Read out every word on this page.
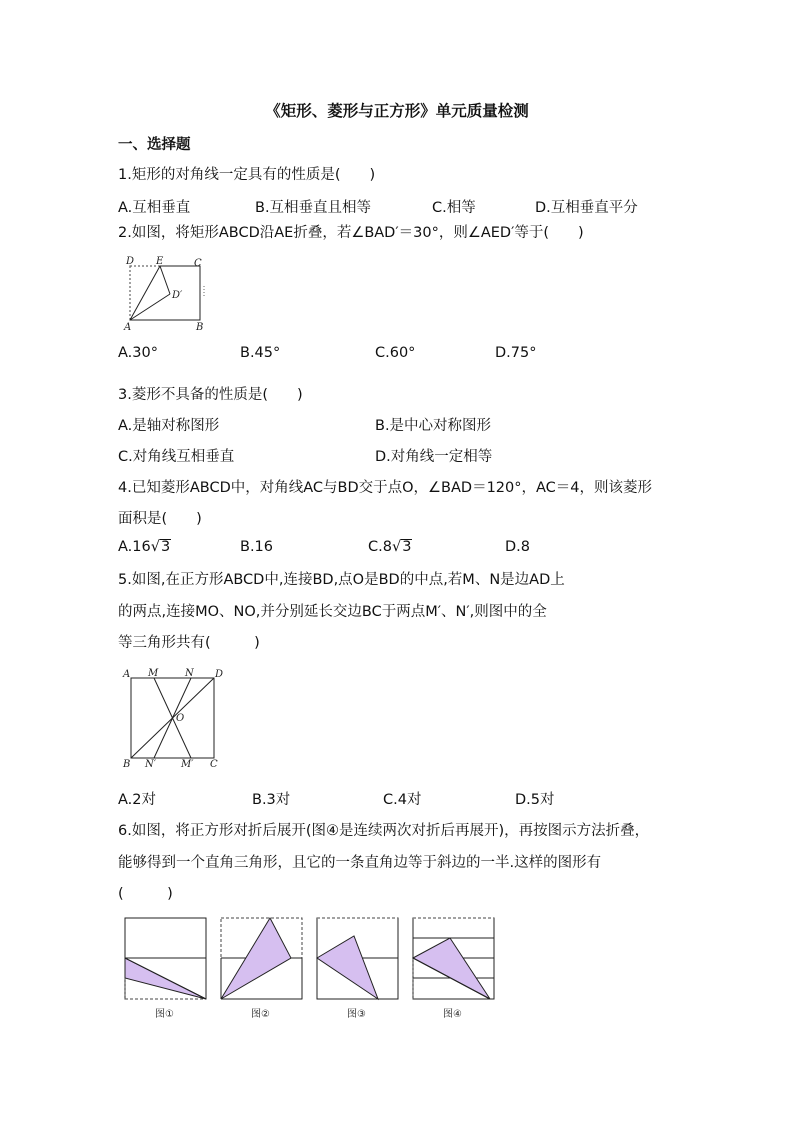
《矩形、菱形与正方形》单元质量检测
一、选择题
1.矩形的对角线一定具有的性质是(　　)
A.互相垂直	B.互相垂直且相等	C.相等	D.互相垂直平分
2.如图，将矩形ABCD沿AE折叠，若∠BAD′＝30°，则∠AED′等于(　　)
D E	C
D′
A	B
A.30°	B.45°	C.60°	D.75°
3.菱形不具备的性质是(　　)
A.是轴对称图形	B.是中心对称图形
C.对角线互相垂直	D.对角线一定相等
4.已知菱形ABCD中，对角线AC与BD交于点O，∠BAD＝120°，AC＝4，则该菱形
面积是(　　)
A.16√3	B.16	C.8√3	D.8
5.如图,在正方形ABCD中,连接BD,点O是BD的中点,若M、N是边AD上
的两点,连接MO、NO,并分别延长交边BC于两点M′、N′,则图中的全
等三角形共有(　　　)
A M	N D
O
B N′ M′ C
A.2对	B.3对	C.4对	D.5对
6.如图，将正方形对折后展开(图④是连续两次对折后再展开)，再按图示方法折叠，
能够得到一个直角三角形，且它的一条直角边等于斜边的一半.这样的图形有
(　　　)
图①	图②	图③	图④
